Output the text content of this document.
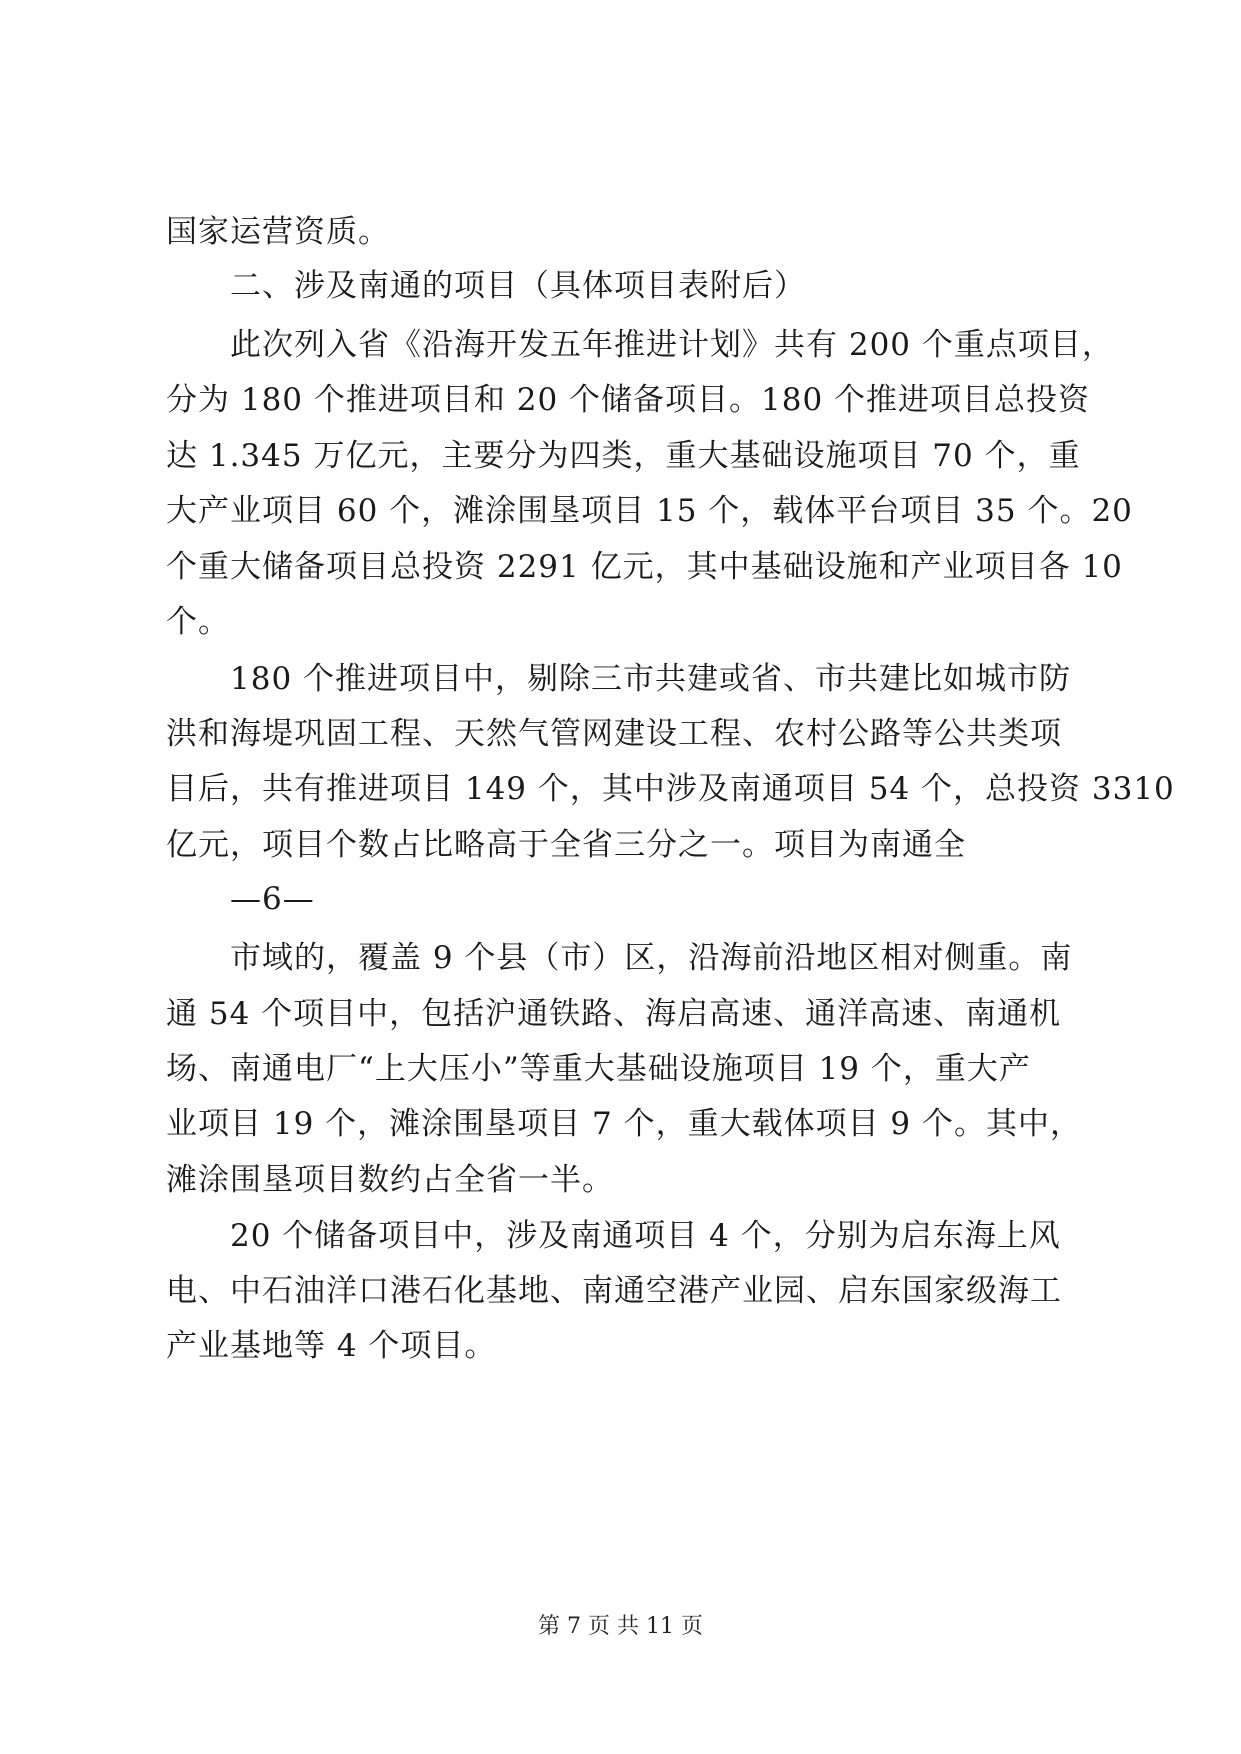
国家运营资质。
二、涉及南通的项目（具体项目表附后）
此次列入省《沿海开发五年推进计划》共有 200 个重点项目，
分为 180 个推进项目和 20 个储备项目。180 个推进项目总投资
达 1.345 万亿元，主要分为四类，重大基础设施项目 70 个，重
大产业项目 60 个，滩涂围垦项目 15 个，载体平台项目 35 个。20
个重大储备项目总投资 2291 亿元，其中基础设施和产业项目各 10
个。
180 个推进项目中，剔除三市共建或省、市共建比如城市防
洪和海堤巩固工程、天然气管网建设工程、农村公路等公共类项
目后，共有推进项目 149 个，其中涉及南通项目 54 个，总投资 3310
亿元，项目个数占比略高于全省三分之一。项目为南通全
—6—
市域的，覆盖 9 个县（市）区，沿海前沿地区相对侧重。南
通 54 个项目中，包括沪通铁路、海启高速、通洋高速、南通机
场、南通电厂“上大压小”等重大基础设施项目 19 个，重大产
业项目 19 个，滩涂围垦项目 7 个，重大载体项目 9 个。其中，
滩涂围垦项目数约占全省一半。
20 个储备项目中，涉及南通项目 4 个，分别为启东海上风
电、中石油洋口港石化基地、南通空港产业园、启东国家级海工
产业基地等 4 个项目。
第 7 页 共 11 页
